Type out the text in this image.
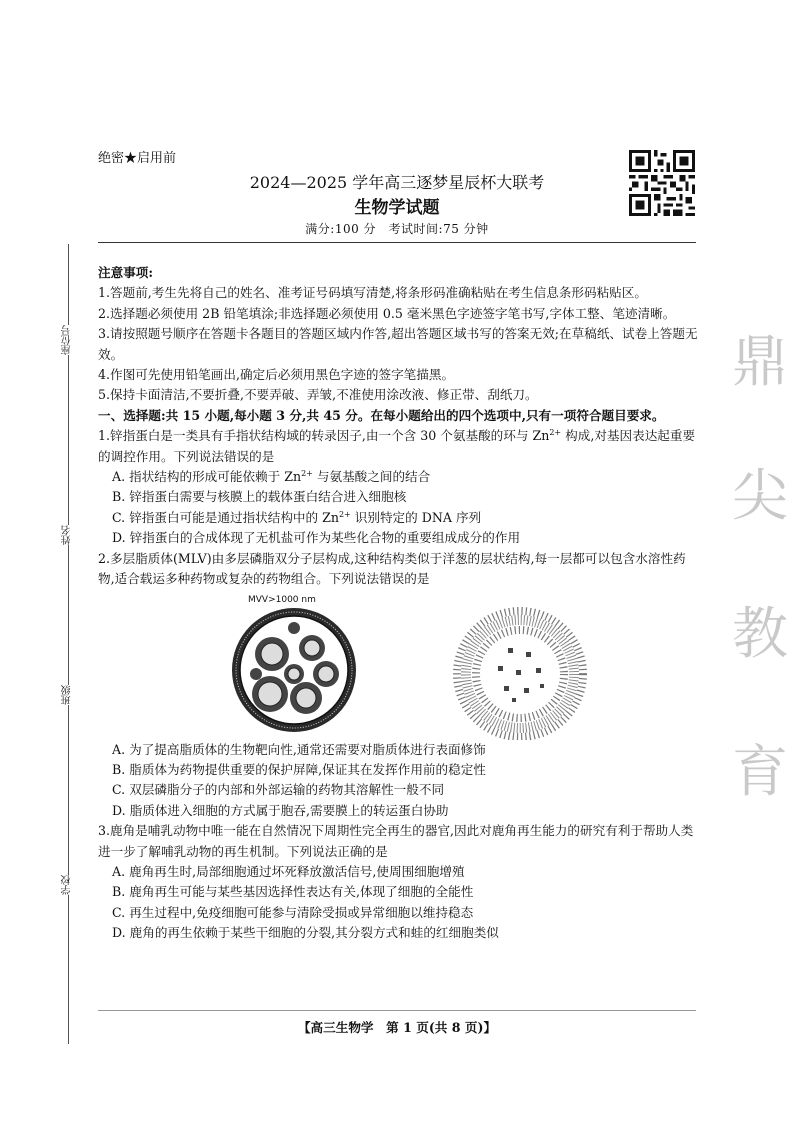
绝密★启用前
2024—2025 学年高三逐梦星辰杯大联考
生物学试题
满分:100 分　考试时间:75 分钟
座位号
姓名
班级
学校
鼎
尖
教
育

注意事项:

1.答题前,考生先将自己的姓名、准考证号码填写清楚,将条形码准确粘贴在考生信息条形码粘贴区。

2.选择题必须使用 2B 铅笔填涂;非选择题必须使用 0.5 毫米黑色字迹签字笔书写,字体工整、笔迹清晰。

3.请按照题号顺序在答题卡各题目的答题区域内作答,超出答题区域书写的答案无效;在草稿纸、试卷上答题无效。

4.作图可先使用铅笔画出,确定后必须用黑色字迹的签字笔描黑。

5.保持卡面清洁,不要折叠,不要弄破、弄皱,不准使用涂改液、修正带、刮纸刀。

一、选择题:共 15 小题,每小题 3 分,共 45 分。在每小题给出的四个选项中,只有一项符合题目要求。

1.锌指蛋白是一类具有手指状结构域的转录因子,由一个含 30 个氨基酸的环与 $Zn^{2+}$ 构成,对基因表达起重要的调控作用。下列说法错误的是

A. 指状结构的形成可能依赖于 $Zn^{2+}$ 与氨基酸之间的结合

B. 锌指蛋白需要与核膜上的载体蛋白结合进入细胞核

C. 锌指蛋白可能是通过指状结构中的 $Zn^{2+}$ 识别特定的 DNA 序列

D. 锌指蛋白的合成体现了无机盐可作为某些化合物的重要组成成分的作用

2.多层脂质体(MLV)由多层磷脂双分子层构成,这种结构类似于洋葱的层状结构,每一层都可以包含水溶性药物,适合载运多种药物或复杂的药物组合。下列说法错误的是

MVV>1000 nm

A. 为了提高脂质体的生物靶向性,通常还需要对脂质体进行表面修饰

B. 脂质体为药物提供重要的保护屏障,保证其在发挥作用前的稳定性

C. 双层磷脂分子的内部和外部运输的药物其溶解性一般不同

D. 脂质体进入细胞的方式属于胞吞,需要膜上的转运蛋白协助

3.鹿角是哺乳动物中唯一能在自然情况下周期性完全再生的器官,因此对鹿角再生能力的研究有利于帮助人类进一步了解哺乳动物的再生机制。下列说法正确的是

A. 鹿角再生时,局部细胞通过坏死释放激活信号,使周围细胞增殖

B. 鹿角再生可能与某些基因选择性表达有关,体现了细胞的全能性

C. 再生过程中,免疫细胞可能参与清除受损或异常细胞以维持稳态

D. 鹿角的再生依赖于某些干细胞的分裂,其分裂方式和蛙的红细胞类似

【高三生物学　第 1 页(共 8 页)】
